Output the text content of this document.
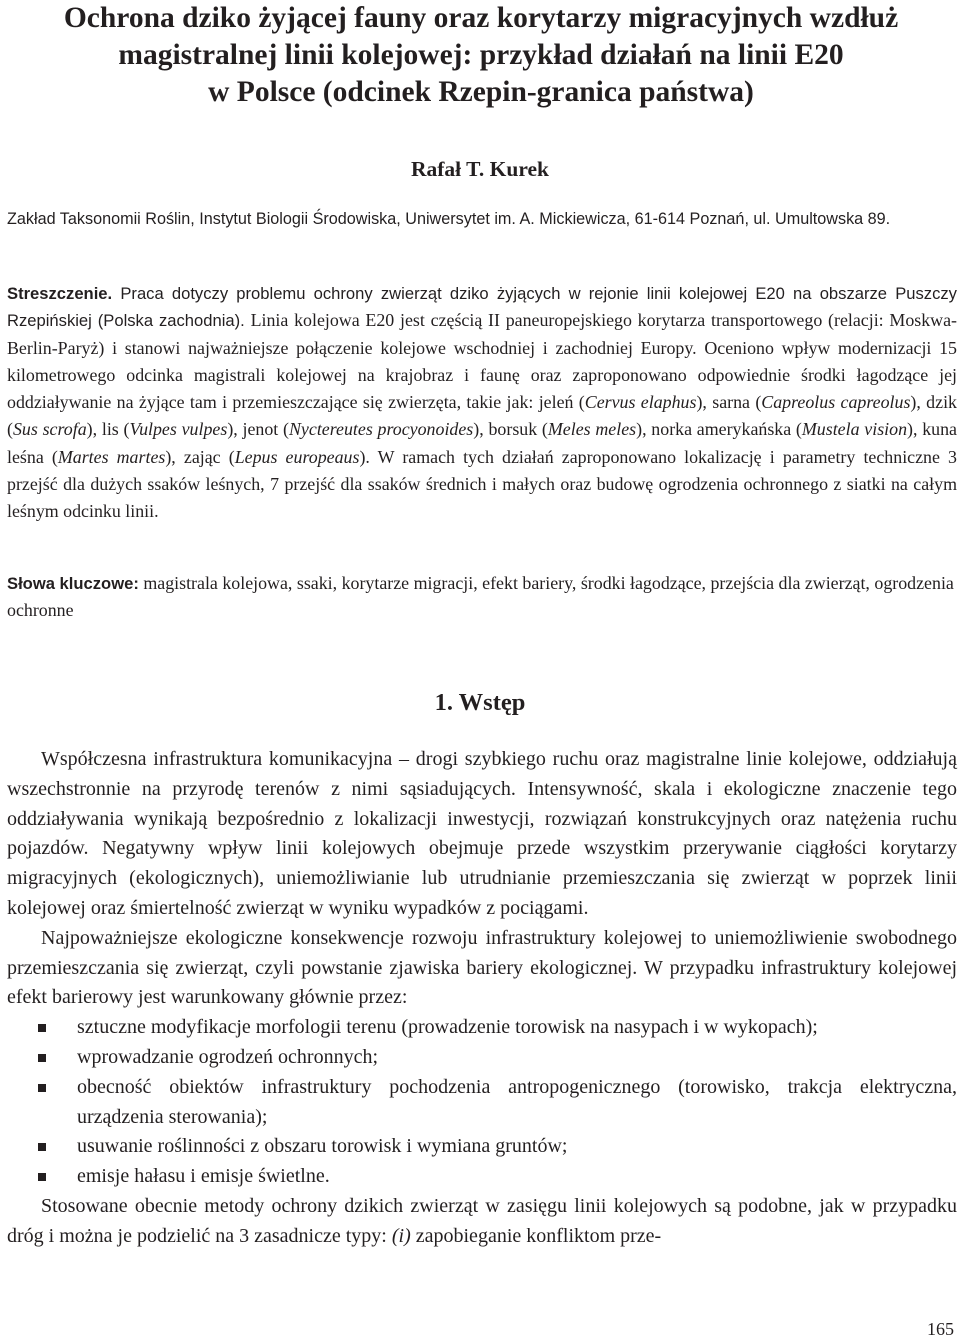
Ochrona dziko żyjącej fauny oraz korytarzy migracyjnych wzdłuż
magistralnej linii kolejowej: przykład działań na linii E20
w Polsce (odcinek Rzepin-granica państwa)
Rafał T. Kurek

Zakład Taksonomii Roślin, Instytut Biologii Środowiska, Uniwersytet im. A. Mickiewicza, 61-614 Poznań, ul. Umultowska 89.

Streszczenie. Praca dotyczy problemu ochrony zwierząt dziko żyjących w rejonie linii kolejowej E20 na obszarze Puszczy Rzepińskiej (Polska zachodnia). Linia kolejowa E20 jest częścią II paneuropejskiego korytarza transportowego (relacji: Moskwa-Berlin-Paryż) i stanowi najważniejsze połączenie kolejowe wschodniej i zachodniej Europy. Oceniono wpływ modernizacji 15 kilometrowego odcinka magistrali kolejowej na krajobraz i faunę oraz zaproponowano odpowiednie środki łagodzące jej oddziaływanie na żyjące tam i przemieszczające się zwierzęta, takie jak: jeleń (Cervus elaphus), sarna (Capreolus capreolus), dzik (Sus scrofa), lis (Vulpes vulpes), jenot (Nyctereutes procyonoides), borsuk (Meles meles), norka amerykańska (Mustela vision), kuna leśna (Martes martes), zając (Lepus europeaus). W ramach tych działań zaproponowano lokalizację i parametry techniczne 3 przejść dla dużych ssaków leśnych, 7 przejść dla ssaków średnich i małych oraz budowę ogrodzenia ochronnego z siatki na całym leśnym odcinku linii.

Słowa kluczowe: magistrala kolejowa, ssaki, korytarze migracji, efekt bariery, środki łagodzące, przejścia dla zwierząt, ogrodzenia ochronne

1. Wstęp

Współczesna infrastruktura komunikacyjna – drogi szybkiego ruchu oraz magistralne linie kolejowe, oddziałują wszechstronnie na przyrodę terenów z nimi sąsiadujących. Intensywność, skala i ekologiczne znaczenie tego oddziaływania wynikają bezpośrednio z lokalizacji inwestycji, rozwiązań konstrukcyjnych oraz natężenia ruchu pojazdów. Negatywny wpływ linii kolejowych obejmuje przede wszystkim przerywanie ciągłości korytarzy migracyjnych (ekologicznych), uniemożliwianie lub utrudnianie przemieszczania się zwierząt w poprzek linii kolejowej oraz śmiertelność zwierząt w wyniku wypadków z pociągami.

Najpoważniejsze ekologiczne konsekwencje rozwoju infrastruktury kolejowej to uniemożliwienie swobodnego przemieszczania się zwierząt, czyli powstanie zjawiska bariery ekologicznej. W przypadku infrastruktury kolejowej efekt barierowy jest warunkowany głównie przez:

sztuczne modyfikacje morfologii terenu (prowadzenie torowisk na nasypach i w wykopach);
wprowadzanie ogrodzeń ochronnych;
obecność obiektów infrastruktury pochodzenia antropogenicznego (torowisko, trakcja elektryczna, urządzenia sterowania);
usuwanie roślinności z obszaru torowisk i wymiana gruntów;
emisje hałasu i emisje świetlne.

Stosowane obecnie metody ochrony dzikich zwierząt w zasięgu linii kolejowych są podobne, jak w przypadku dróg i można je podzielić na 3 zasadnicze typy: (i) zapobieganie konfliktom prze-

165
